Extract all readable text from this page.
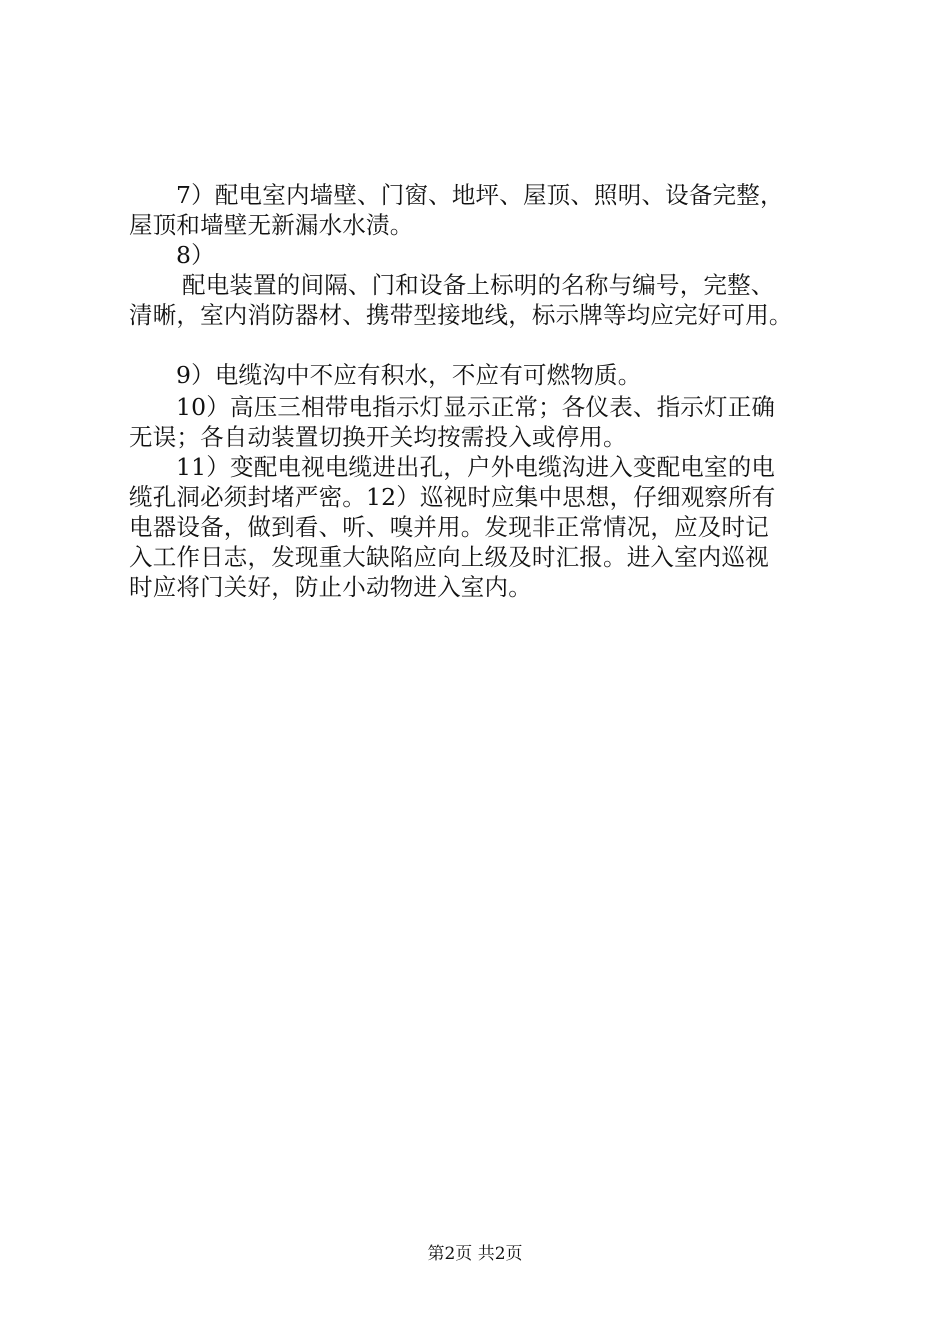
7）配电室内墙壁、门窗、地坪、屋顶、照明、设备完整，
屋顶和墙壁无新漏水水渍。
8）
配电装置的间隔、门和设备上标明的名称与编号，完整、
清晰，室内消防器材、携带型接地线，标示牌等均应完好可用。
9）电缆沟中不应有积水，不应有可燃物质。
10）高压三相带电指示灯显示正常；各仪表、指示灯正确
无误；各自动装置切换开关均按需投入或停用。
11）变配电视电缆进出孔，户外电缆沟进入变配电室的电
缆孔洞必须封堵严密。12）巡视时应集中思想，仔细观察所有
电器设备，做到看、听、嗅并用。发现非正常情况，应及时记
入工作日志，发现重大缺陷应向上级及时汇报。进入室内巡视
时应将门关好，防止小动物进入室内。
第2页 共2页
